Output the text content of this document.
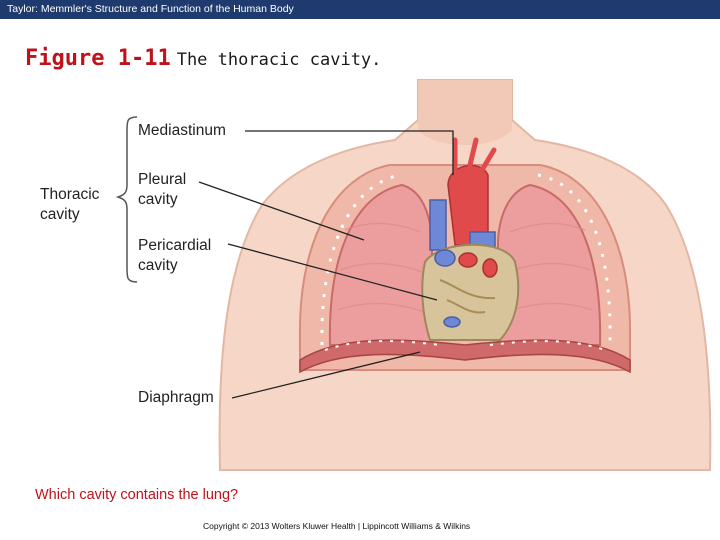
Taylor: Memmler's Structure and Function of the Human Body
Figure 1-11 The thoracic cavity.
Thoracic
cavity
Mediastinum
Pleural
cavity
Pericardial
cavity
Diaphragm
Which cavity contains the lung?
Copyright © 2013 Wolters Kluwer Health | Lippincott Williams & Wilkins
